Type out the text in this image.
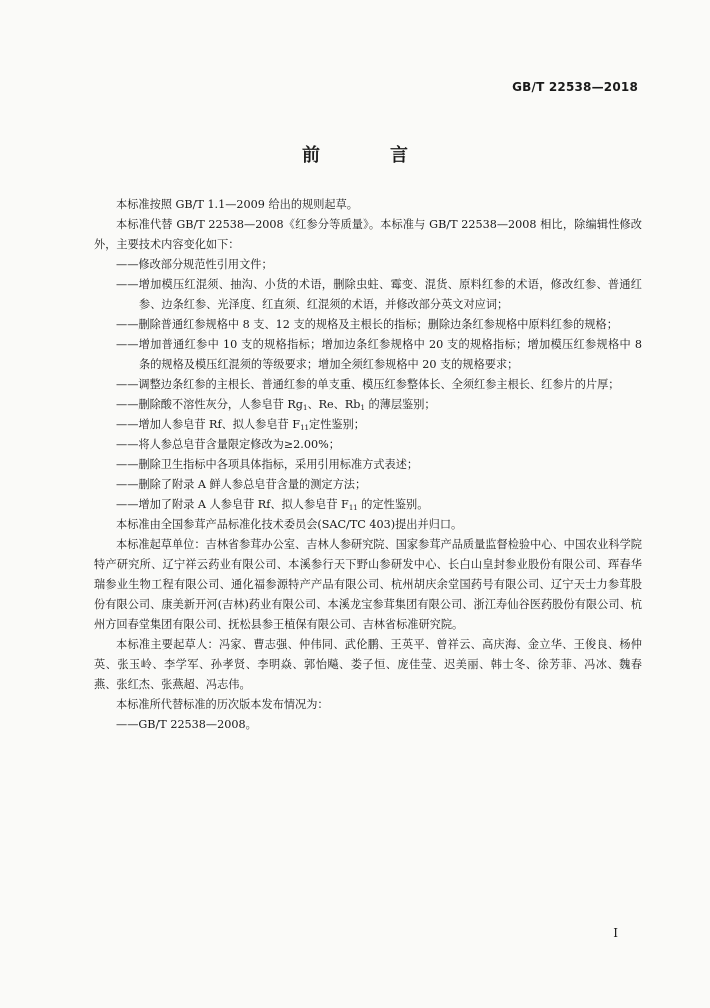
GB/T 22538—2018
前　言

本标准按照 GB/T 1.1—2009 给出的规则起草。

本标准代替 GB/T 22538—2008《红参分等质量》。本标准与 GB/T 22538—2008 相比，除编辑性修改外，主要技术内容变化如下：

——修改部分规范性引用文件；

——增加模压红混须、抽沟、小货的术语，删除虫蛀、霉变、混货、原料红参的术语，修改红参、普通红参、边条红参、光泽度、红直须、红混须的术语，并修改部分英文对应词；

——删除普通红参规格中 8 支、12 支的规格及主根长的指标；删除边条红参规格中原料红参的规格；

——增加普通红参中 10 支的规格指标；增加边条红参规格中 20 支的规格指标；增加模压红参规格中 8 条的规格及模压红混须的等级要求；增加全须红参规格中 20 支的规格要求；

——调整边条红参的主根长、普通红参的单支重、模压红参整体长、全须红参主根长、红参片的片厚；

——删除酸不溶性灰分，人参皂苷 $Rg_1$、Re、$Rb_1$ 的薄层鉴别；

——增加人参皂苷 Rf、拟人参皂苷 $F_{11}$定性鉴别；

——将人参总皂苷含量限定修改为≥2.00%；

——删除卫生指标中各项具体指标，采用引用标准方式表述；

——删除了附录 A 鲜人参总皂苷含量的测定方法；

——增加了附录 A 人参皂苷 Rf、拟人参皂苷 $F_{11}$ 的定性鉴别。

本标准由全国参茸产品标准化技术委员会(SAC/TC 403)提出并归口。

本标准起草单位：吉林省参茸办公室、吉林人参研究院、国家参茸产品质量监督检验中心、中国农业科学院特产研究所、辽宁祥云药业有限公司、本溪参行天下野山参研发中心、长白山皇封参业股份有限公司、珲春华瑞参业生物工程有限公司、通化福参源特产产品有限公司、杭州胡庆余堂国药号有限公司、辽宁天士力参茸股份有限公司、康美新开河(吉林)药业有限公司、本溪龙宝参茸集团有限公司、浙江寿仙谷医药股份有限公司、杭州方回春堂集团有限公司、抚松县参王植保有限公司、吉林省标准研究院。

本标准主要起草人：冯家、曹志强、仲伟同、武伦鹏、王英平、曾祥云、高庆海、金立华、王俊良、杨仲英、张玉岭、李学军、孙孝贤、李明焱、郭怡飚、娄子恒、庞佳莹、迟美丽、韩士冬、徐芳菲、冯冰、魏春燕、张红杰、张燕超、冯志伟。

本标准所代替标准的历次版本发布情况为：

——GB/T 22538—2008。

I
